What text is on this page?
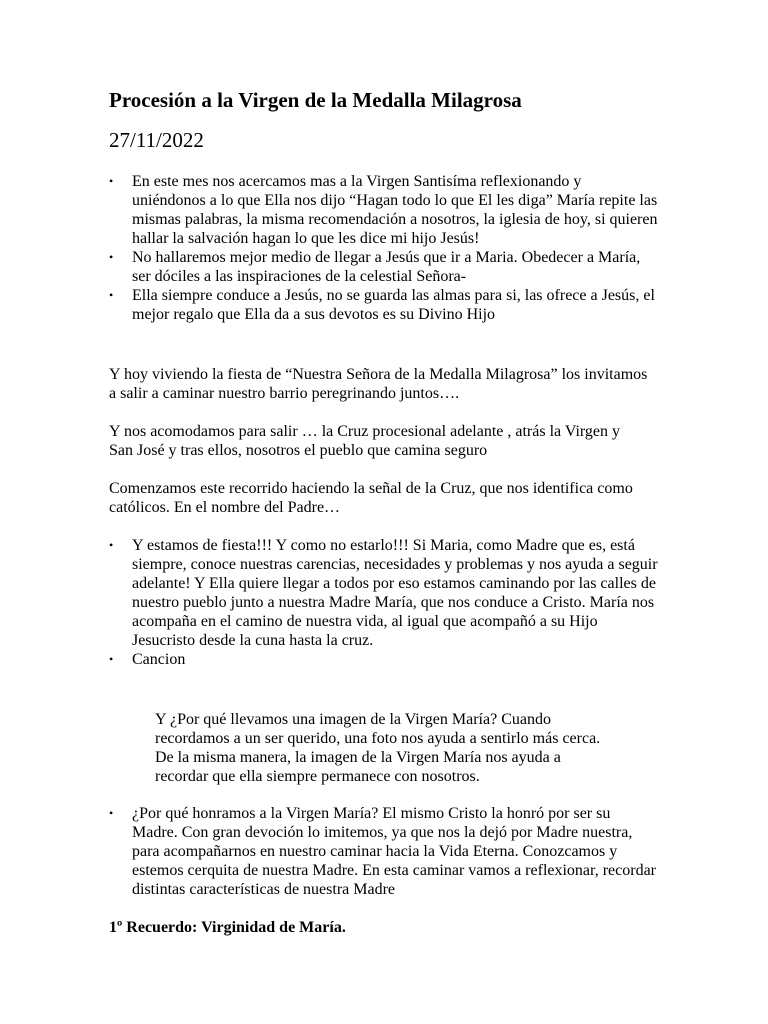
Procesión a la Virgen de la Medalla Milagrosa

27/11/2022

• En este mes nos acercamos mas a la Virgen Santisíma reflexionando y uniéndonos a lo que Ella nos dijo “Hagan todo lo que El les diga” María repite las mismas palabras, la misma recomendación a nosotros, la iglesia de hoy, si quieren hallar la salvación hagan lo que les dice mi hijo Jesús!
• No hallaremos mejor medio de llegar a Jesús que ir a Maria. Obedecer a María, ser dóciles a las inspiraciones de la celestial Señora-
• Ella siempre conduce a Jesús, no se guarda las almas para si, las ofrece a Jesús, el mejor regalo que Ella da a sus devotos es su Divino Hijo

Y hoy viviendo la fiesta de “Nuestra Señora de la Medalla Milagrosa” los invitamos a salir a caminar nuestro barrio peregrinando juntos….

Y nos acomodamos para salir … la Cruz procesional adelante , atrás la Virgen y San José y tras ellos, nosotros el pueblo que camina seguro

Comenzamos este recorrido haciendo la señal de la Cruz, que nos identifica como católicos. En el nombre del Padre…

• Y estamos de fiesta!!! Y como no estarlo!!! Si Maria, como Madre que es, está siempre, conoce nuestras carencias, necesidades y problemas y nos ayuda a seguir adelante! Y Ella quiere llegar a todos por eso estamos caminando por las calles de nuestro pueblo junto a nuestra Madre María, que nos conduce a Cristo. María nos acompaña en el camino de nuestra vida, al igual que acompañó a su Hijo Jesucristo desde la cuna hasta la cruz.
• Cancion

Y ¿Por qué llevamos una imagen de la Virgen María? Cuando recordamos a un ser querido, una foto nos ayuda a sentirlo más cerca. De la misma manera, la imagen de la Virgen María nos ayuda a recordar que ella siempre permanece con nosotros.

• ¿Por qué honramos a la Virgen María? El mismo Cristo la honró por ser su Madre. Con gran devoción lo imitemos, ya que nos la dejó por Madre nuestra, para acompañarnos en nuestro caminar hacia la Vida Eterna. Conozcamos y estemos cerquita de nuestra Madre. En esta caminar vamos a reflexionar, recordar distintas características de nuestra Madre

1º Recuerdo: Virginidad de María.
